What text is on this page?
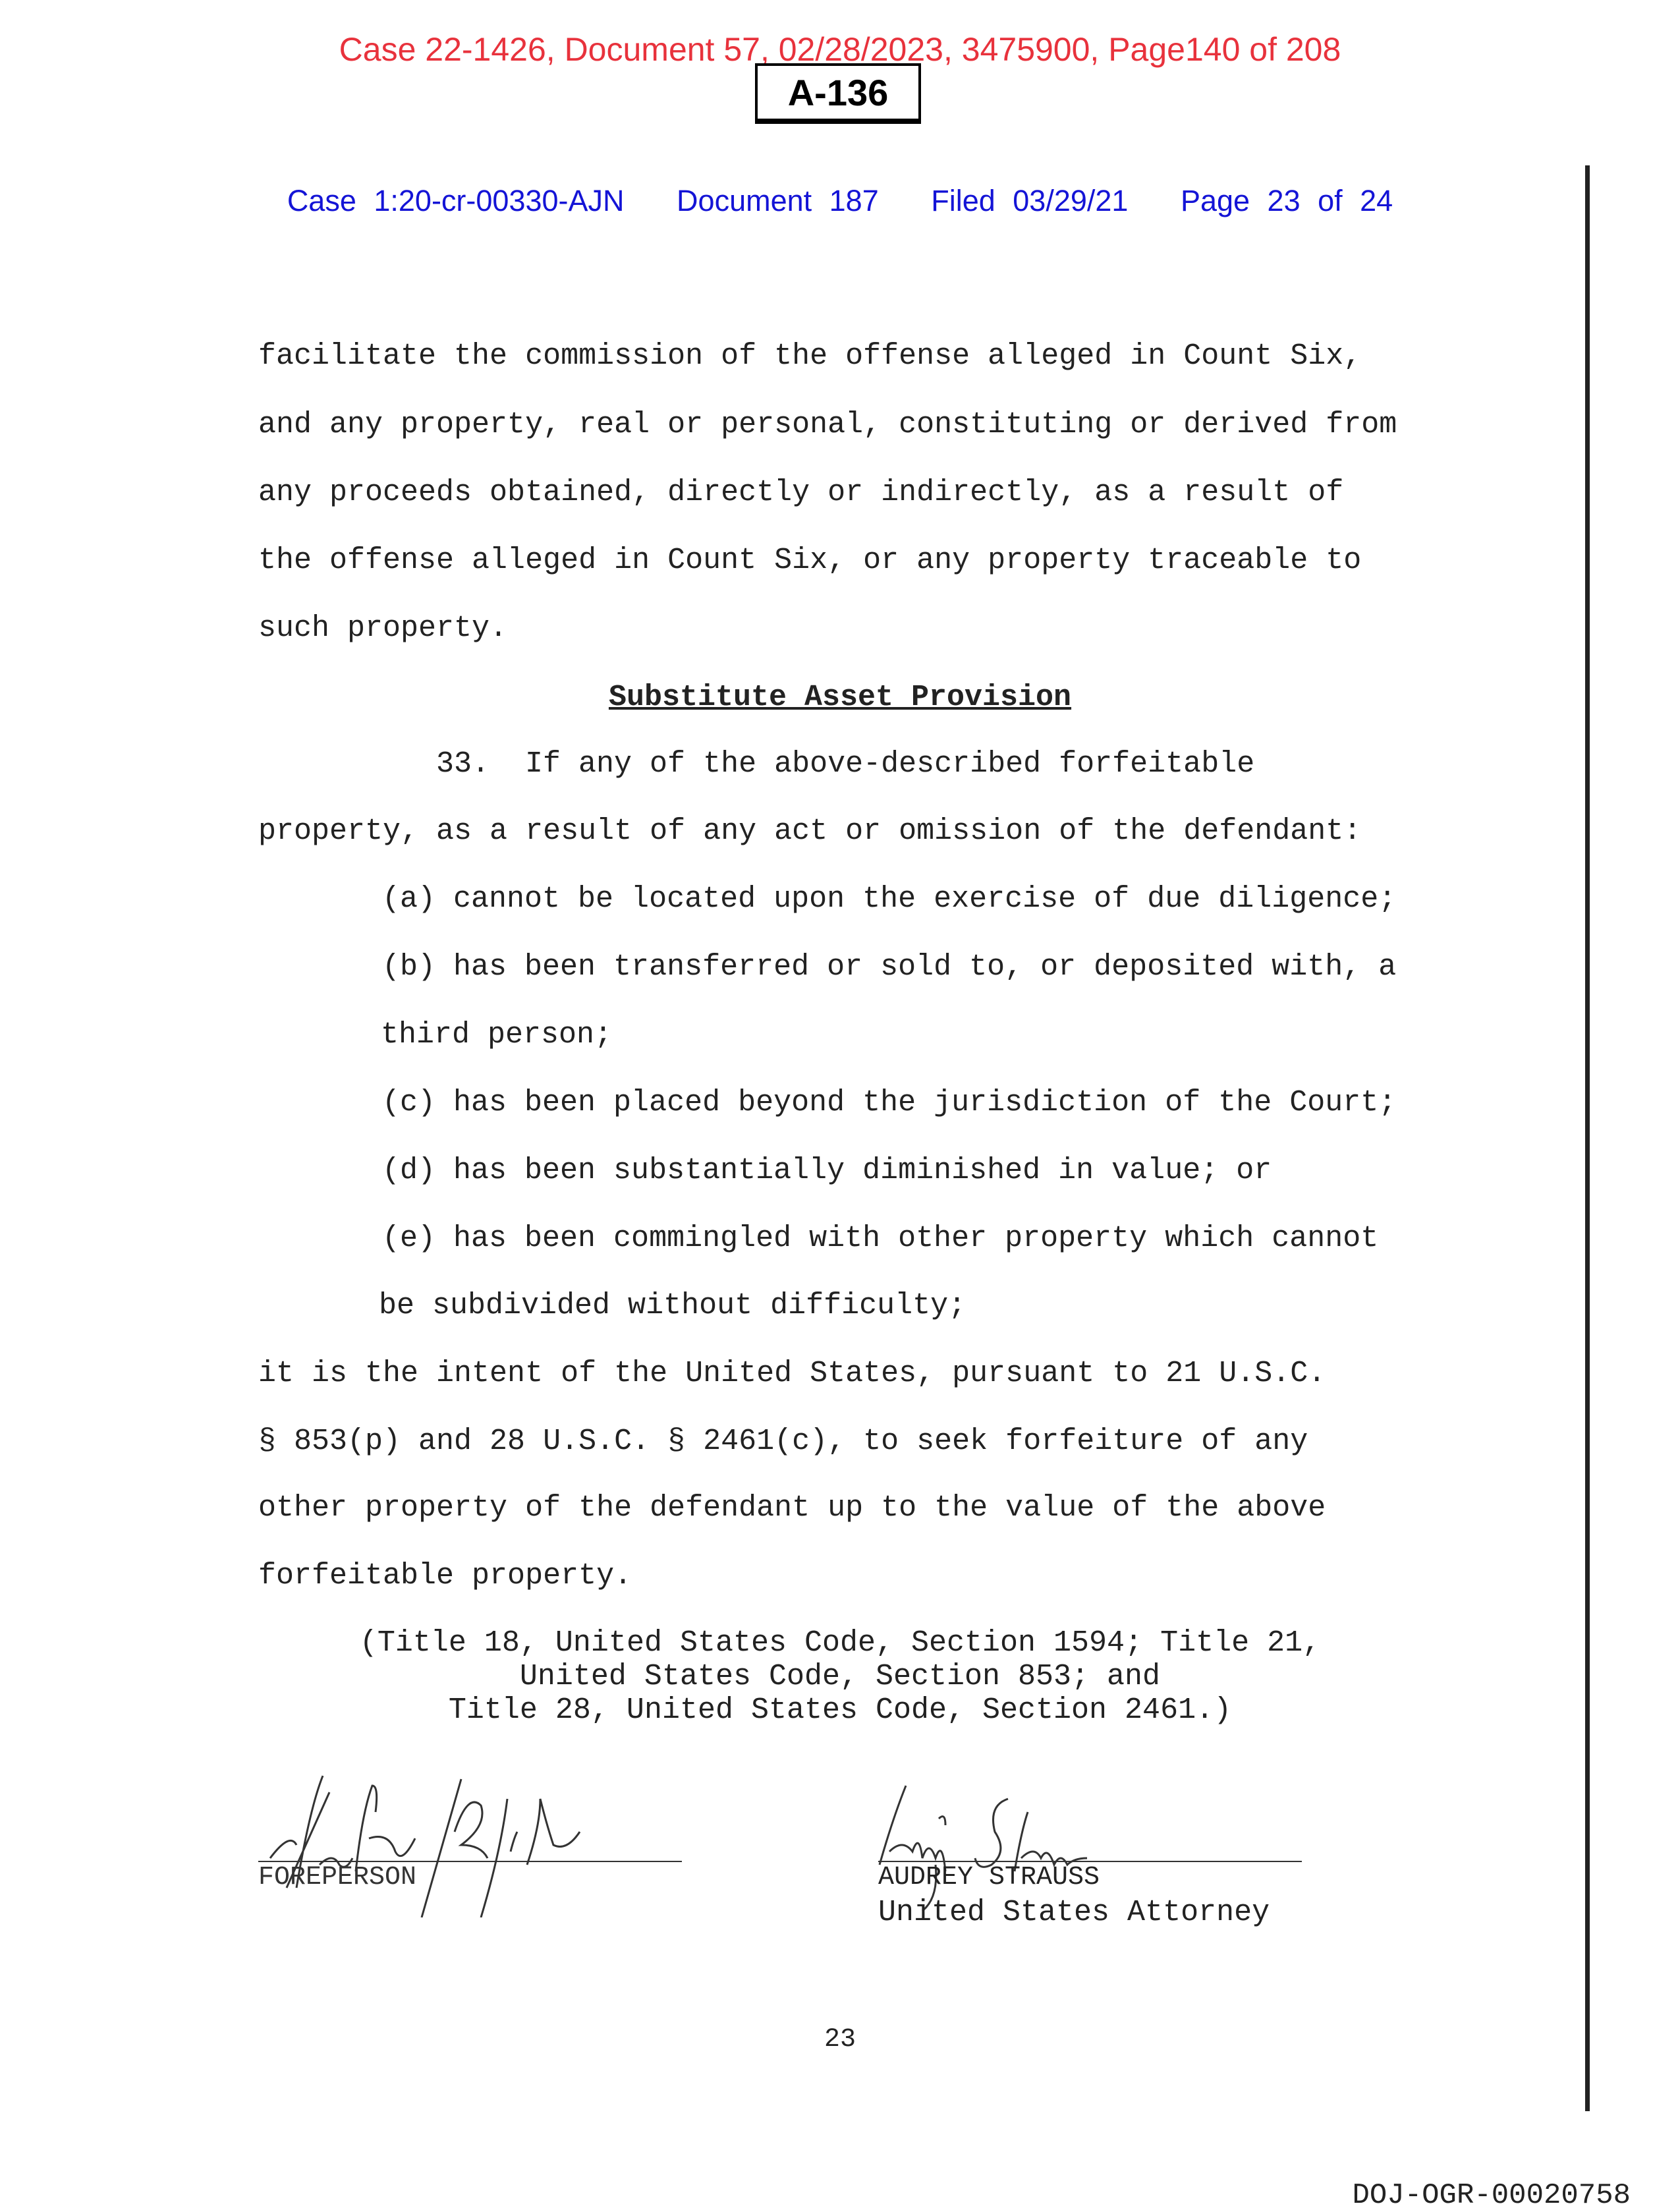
Case 22-1426, Document 57, 02/28/2023, 3475900, Page140 of 208
A-136
Case 1:20-cr-00330-AJN   Document 187   Filed 03/29/21   Page 23 of 24
facilitate the commission of the offense alleged in Count Six,
and any property, real or personal, constituting or derived from
any proceeds obtained, directly or indirectly, as a result of
the offense alleged in Count Six, or any property traceable to
such property.
Substitute Asset Provision
33.  If any of the above-described forfeitable
property, as a result of any act or omission of the defendant:
(a) cannot be located upon the exercise of due diligence;
(b) has been transferred or sold to, or deposited with, a
third person;
(c) has been placed beyond the jurisdiction of the Court;
(d) has been substantially diminished in value; or
(e) has been commingled with other property which cannot
be subdivided without difficulty;
it is the intent of the United States, pursuant to 21 U.S.C.
§ 853(p) and 28 U.S.C. § 2461(c), to seek forfeiture of any
other property of the defendant up to the value of the above
forfeitable property.
(Title 18, United States Code, Section 1594; Title 21,
United States Code, Section 853; and
Title 28, United States Code, Section 2461.)
FOREPERSON	AUDREY STRAUSS
United States Attorney
23
DOJ-OGR-00020758
